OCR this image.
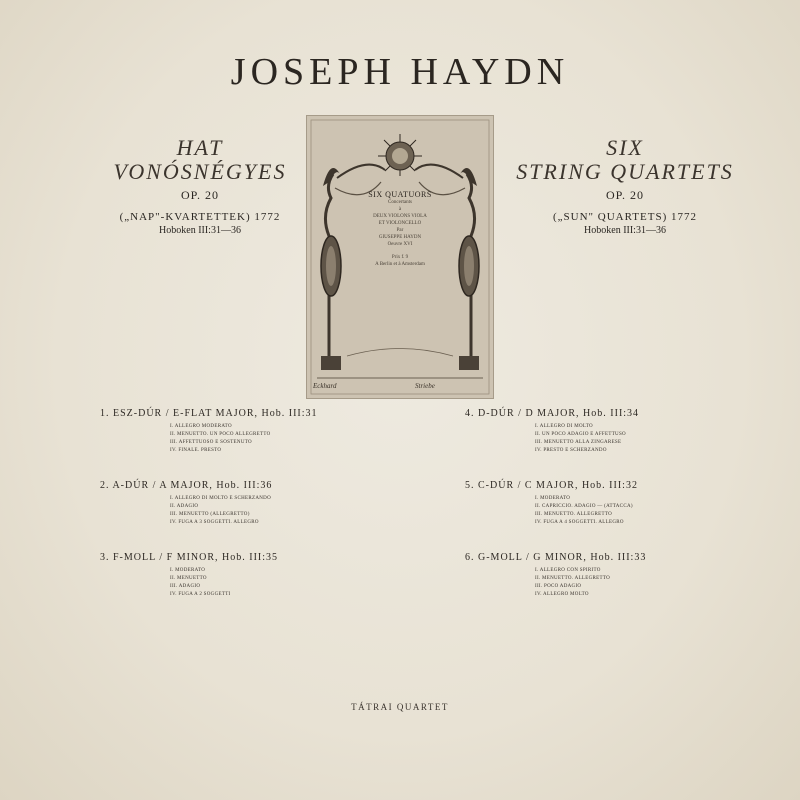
JOSEPH HAYDN
HAT
VONÓSNÉGYES
OP. 20
(„NAP"-KVARTETTEK) 1772
Hoboken III:31—36
SIX
STRING QUARTETS
OP. 20
(„SUN" QUARTETS) 1772
Hoboken III:31—36
SIX QUATUORS
Concertants
à
DEUX VIOLONS VIOLA
ET VIOLONCELLO
Par
GIUSEPPE HAYDN
Oeuvre XVI
Prix f. 9
A Berlin et à Amsterdam
Eckhard	Striebe
1. ESZ-DÚR / E-FLAT MAJOR, Hob. III:31
I. ALLEGRO MODERATO
II. MENUETTO. UN POCO ALLEGRETTO
III. AFFETTUOSO E SOSTENUTO
IV. FINALE. PRESTO
2. A-DÚR / A MAJOR, Hob. III:36
I. ALLEGRO DI MOLTO E SCHERZANDO
II. ADAGIO
III. MENUETTO (ALLEGRETTO)
IV. FUGA A 3 SOGGETTI. ALLEGRO
3. F-MOLL / F MINOR, Hob. III:35
I. MODERATO
II. MENUETTO
III. ADAGIO
IV. FUGA A 2 SOGGETTI
4. D-DÚR / D MAJOR, Hob. III:34
I. ALLEGRO DI MOLTO
II. UN POCO ADAGIO E AFFETTUSO
III. MENUETTO ALLA ZINGARESE
IV. PRESTO E SCHERZANDO
5. C-DÚR / C MAJOR, Hob. III:32
I. MODERATO
II. CAPRICCIO. ADAGIO — (ATTACCA)
III. MENUETTO. ALLEGRETTO
IV. FUGA A 4 SOGGETTI. ALLEGRO
6. G-MOLL / G MINOR, Hob. III:33
I. ALLEGRO CON SPIRITO
II. MENUETTO. ALLEGRETTO
III. POCO ADAGIO
IV. ALLEGRO MOLTO
TÁTRAI QUARTET
